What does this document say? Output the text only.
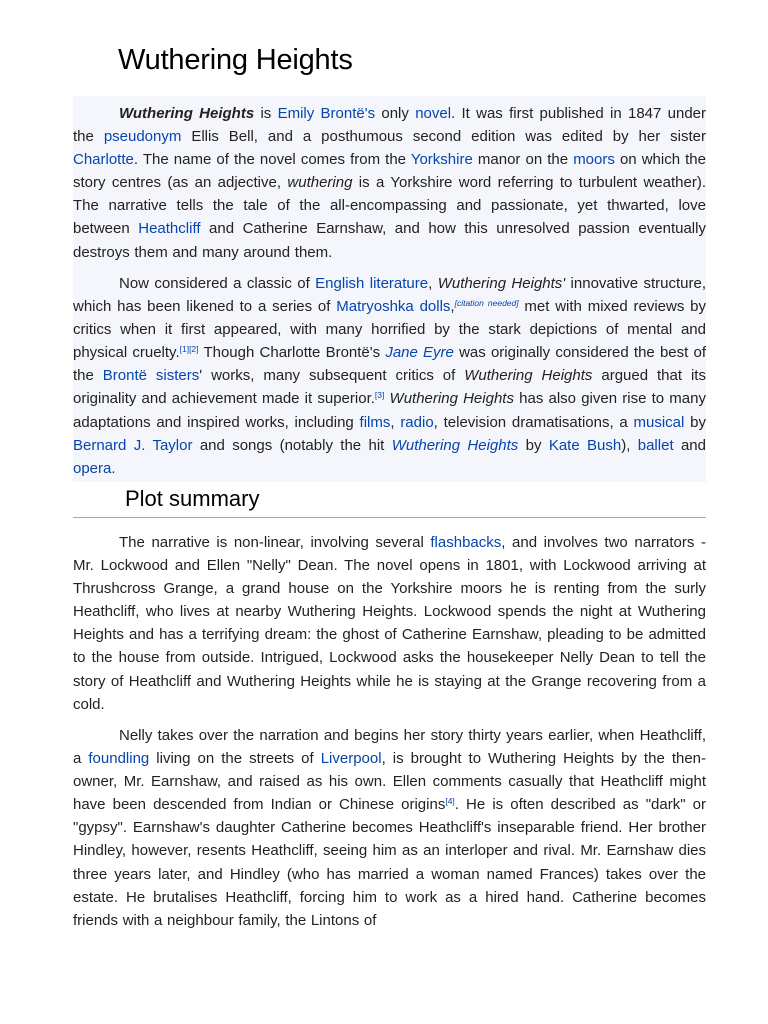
Wuthering Heights

Wuthering Heights is Emily Brontë's only novel. It was first published in 1847 under the pseudonym Ellis Bell, and a posthumous second edition was edited by her sister Charlotte. The name of the novel comes from the Yorkshire manor on the moors on which the story centres (as an adjective, wuthering is a Yorkshire word referring to turbulent weather). The narrative tells the tale of the all-encompassing and passionate, yet thwarted, love between Heathcliff and Catherine Earnshaw, and how this unresolved passion eventually destroys them and many around them.

Now considered a classic of English literature, Wuthering Heights' innovative structure, which has been likened to a series of Matryoshka dolls,[citation needed] met with mixed reviews by critics when it first appeared, with many horrified by the stark depictions of mental and physical cruelty.[1][2] Though Charlotte Brontë's Jane Eyre was originally considered the best of the Brontë sisters' works, many subsequent critics of Wuthering Heights argued that its originality and achievement made it superior.[3] Wuthering Heights has also given rise to many adaptations and inspired works, including films, radio, television dramatisations, a musical by Bernard J. Taylor and songs (notably the hit Wuthering Heights by Kate Bush), ballet and opera.

Plot summary

The narrative is non-linear, involving several flashbacks, and involves two narrators - Mr. Lockwood and Ellen "Nelly" Dean. The novel opens in 1801, with Lockwood arriving at Thrushcross Grange, a grand house on the Yorkshire moors he is renting from the surly Heathcliff, who lives at nearby Wuthering Heights. Lockwood spends the night at Wuthering Heights and has a terrifying dream: the ghost of Catherine Earnshaw, pleading to be admitted to the house from outside. Intrigued, Lockwood asks the housekeeper Nelly Dean to tell the story of Heathcliff and Wuthering Heights while he is staying at the Grange recovering from a cold.

Nelly takes over the narration and begins her story thirty years earlier, when Heathcliff, a foundling living on the streets of Liverpool, is brought to Wuthering Heights by the then-owner, Mr. Earnshaw, and raised as his own. Ellen comments casually that Heathcliff might have been descended from Indian or Chinese origins[4]. He is often described as "dark" or "gypsy". Earnshaw's daughter Catherine becomes Heathcliff's inseparable friend. Her brother Hindley, however, resents Heathcliff, seeing him as an interloper and rival. Mr. Earnshaw dies three years later, and Hindley (who has married a woman named Frances) takes over the estate. He brutalises Heathcliff, forcing him to work as a hired hand. Catherine becomes friends with a neighbour family, the Lintons of
